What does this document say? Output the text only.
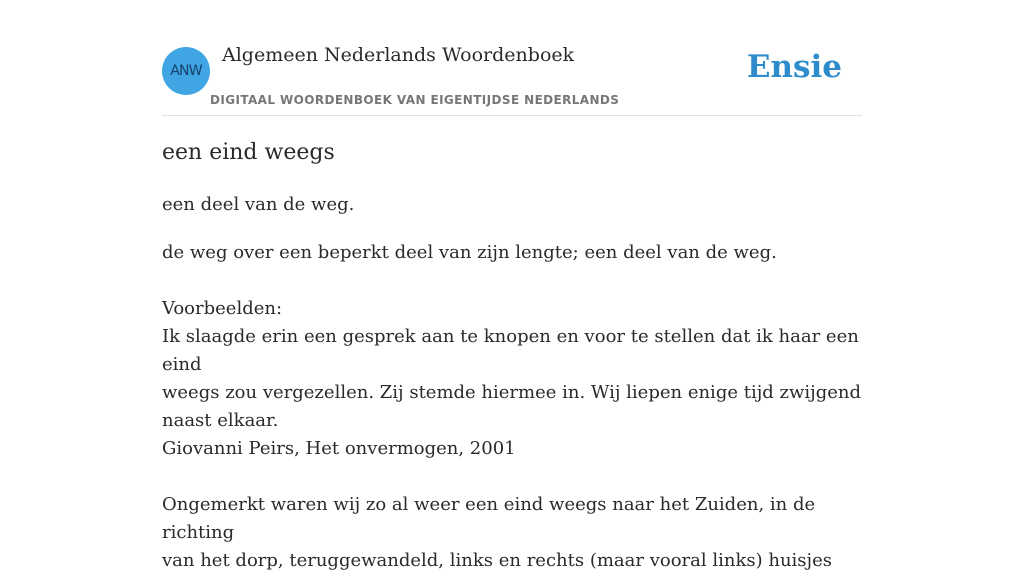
ANW
Algemeen Nederlands Woordenboek
DIGITAAL WOORDENBOEK VAN EIGENTIJDSE NEDERLANDS
Ensie
een eind weegs
een deel van de weg.
de weg over een beperkt deel van zijn lengte; een deel van de weg.
Voorbeelden:
Ik slaagde erin een gesprek aan te knopen en voor te stellen dat ik haar een eind
weegs zou vergezellen. Zij stemde hiermee in. Wij liepen enige tijd zwijgend
naast elkaar.
Giovanni Peirs, Het onvermogen, 2001
Ongemerkt waren wij zo al weer een eind weegs naar het Zuiden, in de richting
van het dorp, teruggewandeld, links en rechts (maar vooral links) huisjes
